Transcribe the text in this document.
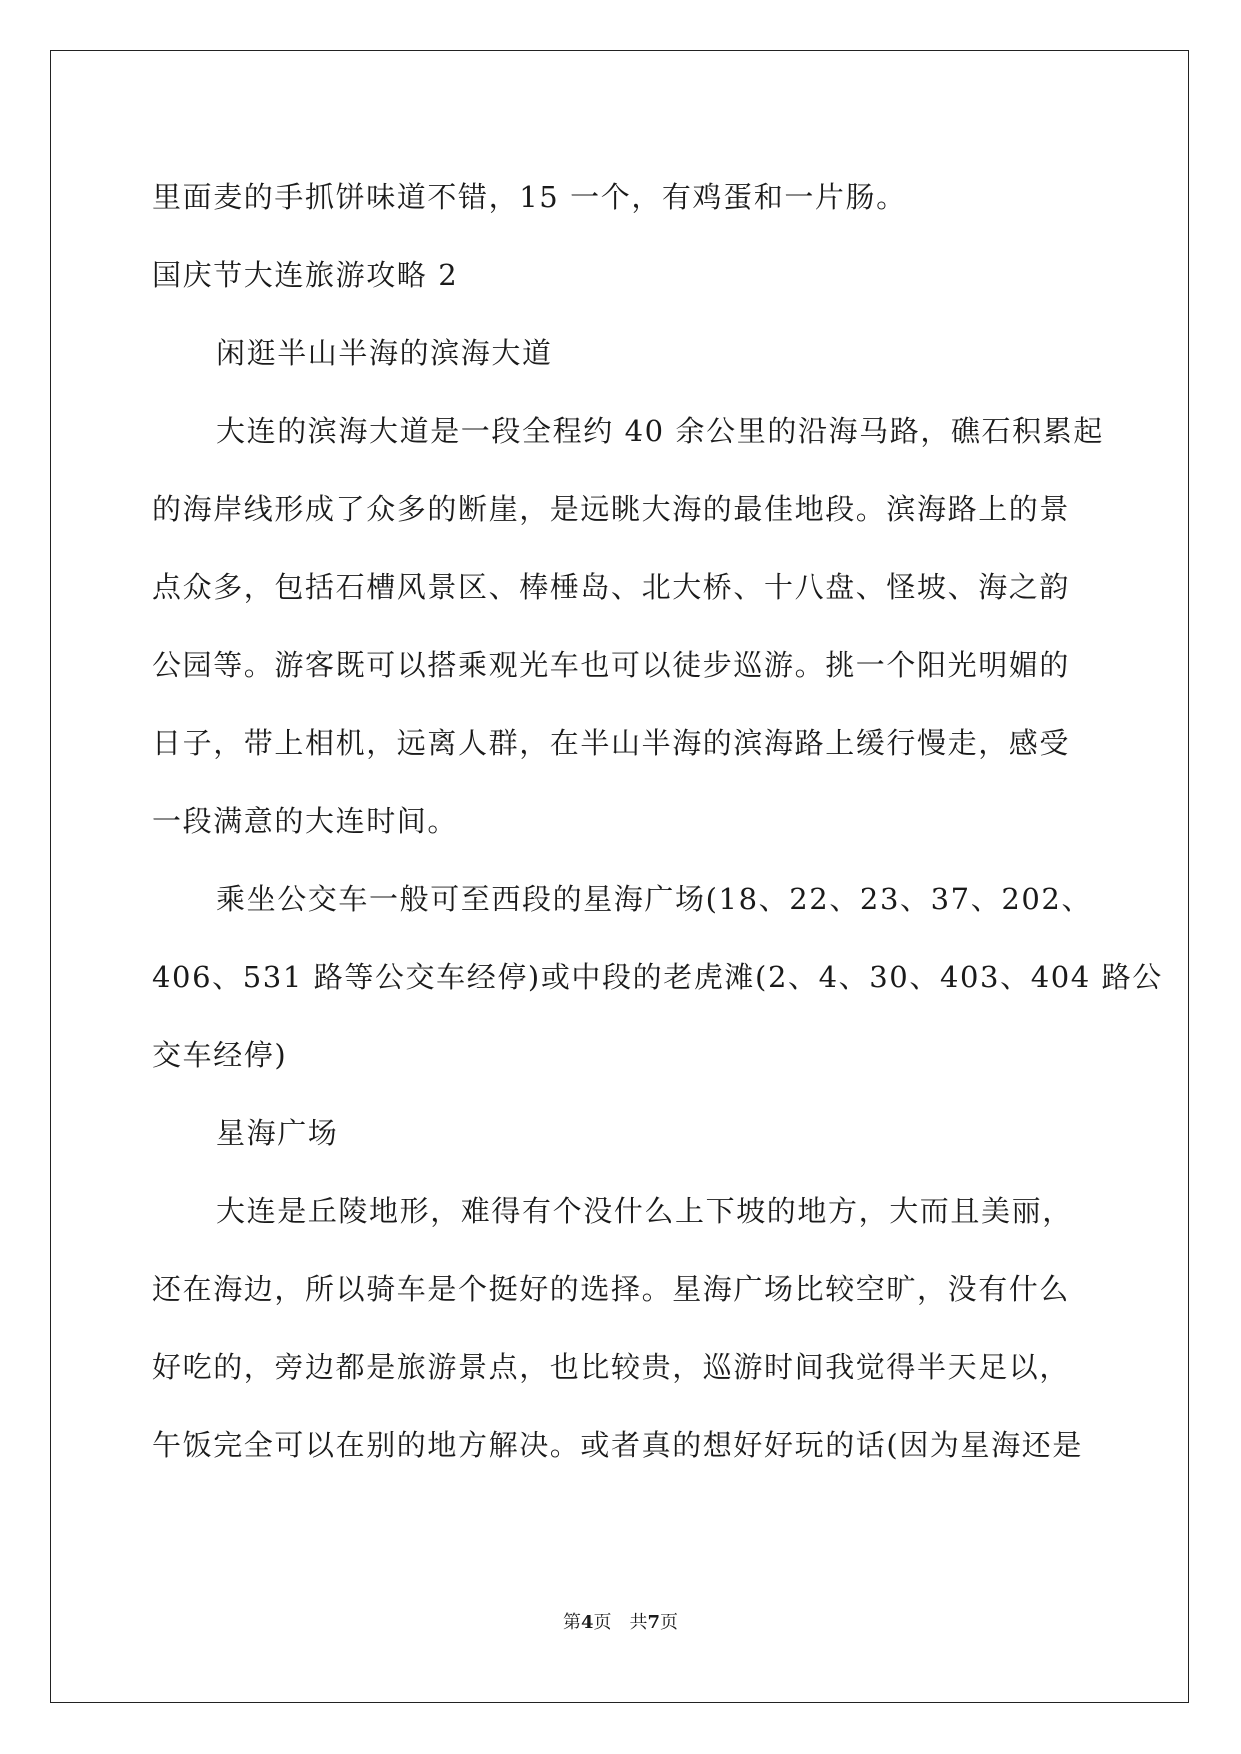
里面麦的手抓饼味道不错，15 一个，有鸡蛋和一片肠。

国庆节大连旅游攻略 2

闲逛半山半海的滨海大道

大连的滨海大道是一段全程约 40 余公里的沿海马路，礁石积累起

的海岸线形成了众多的断崖，是远眺大海的最佳地段。滨海路上的景

点众多，包括石槽风景区、棒棰岛、北大桥、十八盘、怪坡、海之韵

公园等。游客既可以搭乘观光车也可以徒步巡游。挑一个阳光明媚的

日子，带上相机，远离人群，在半山半海的滨海路上缓行慢走，感受

一段满意的大连时间。

乘坐公交车一般可至西段的星海广场(18、22、23、37、202、

406、531 路等公交车经停)或中段的老虎滩(2、4、30、403、404 路公

交车经停)

星海广场

大连是丘陵地形，难得有个没什么上下坡的地方，大而且美丽，

还在海边，所以骑车是个挺好的选择。星海广场比较空旷，没有什么

好吃的，旁边都是旅游景点，也比较贵，巡游时间我觉得半天足以，

午饭完全可以在别的地方解决。或者真的想好好玩的话(因为星海还是

第4页 共7页
